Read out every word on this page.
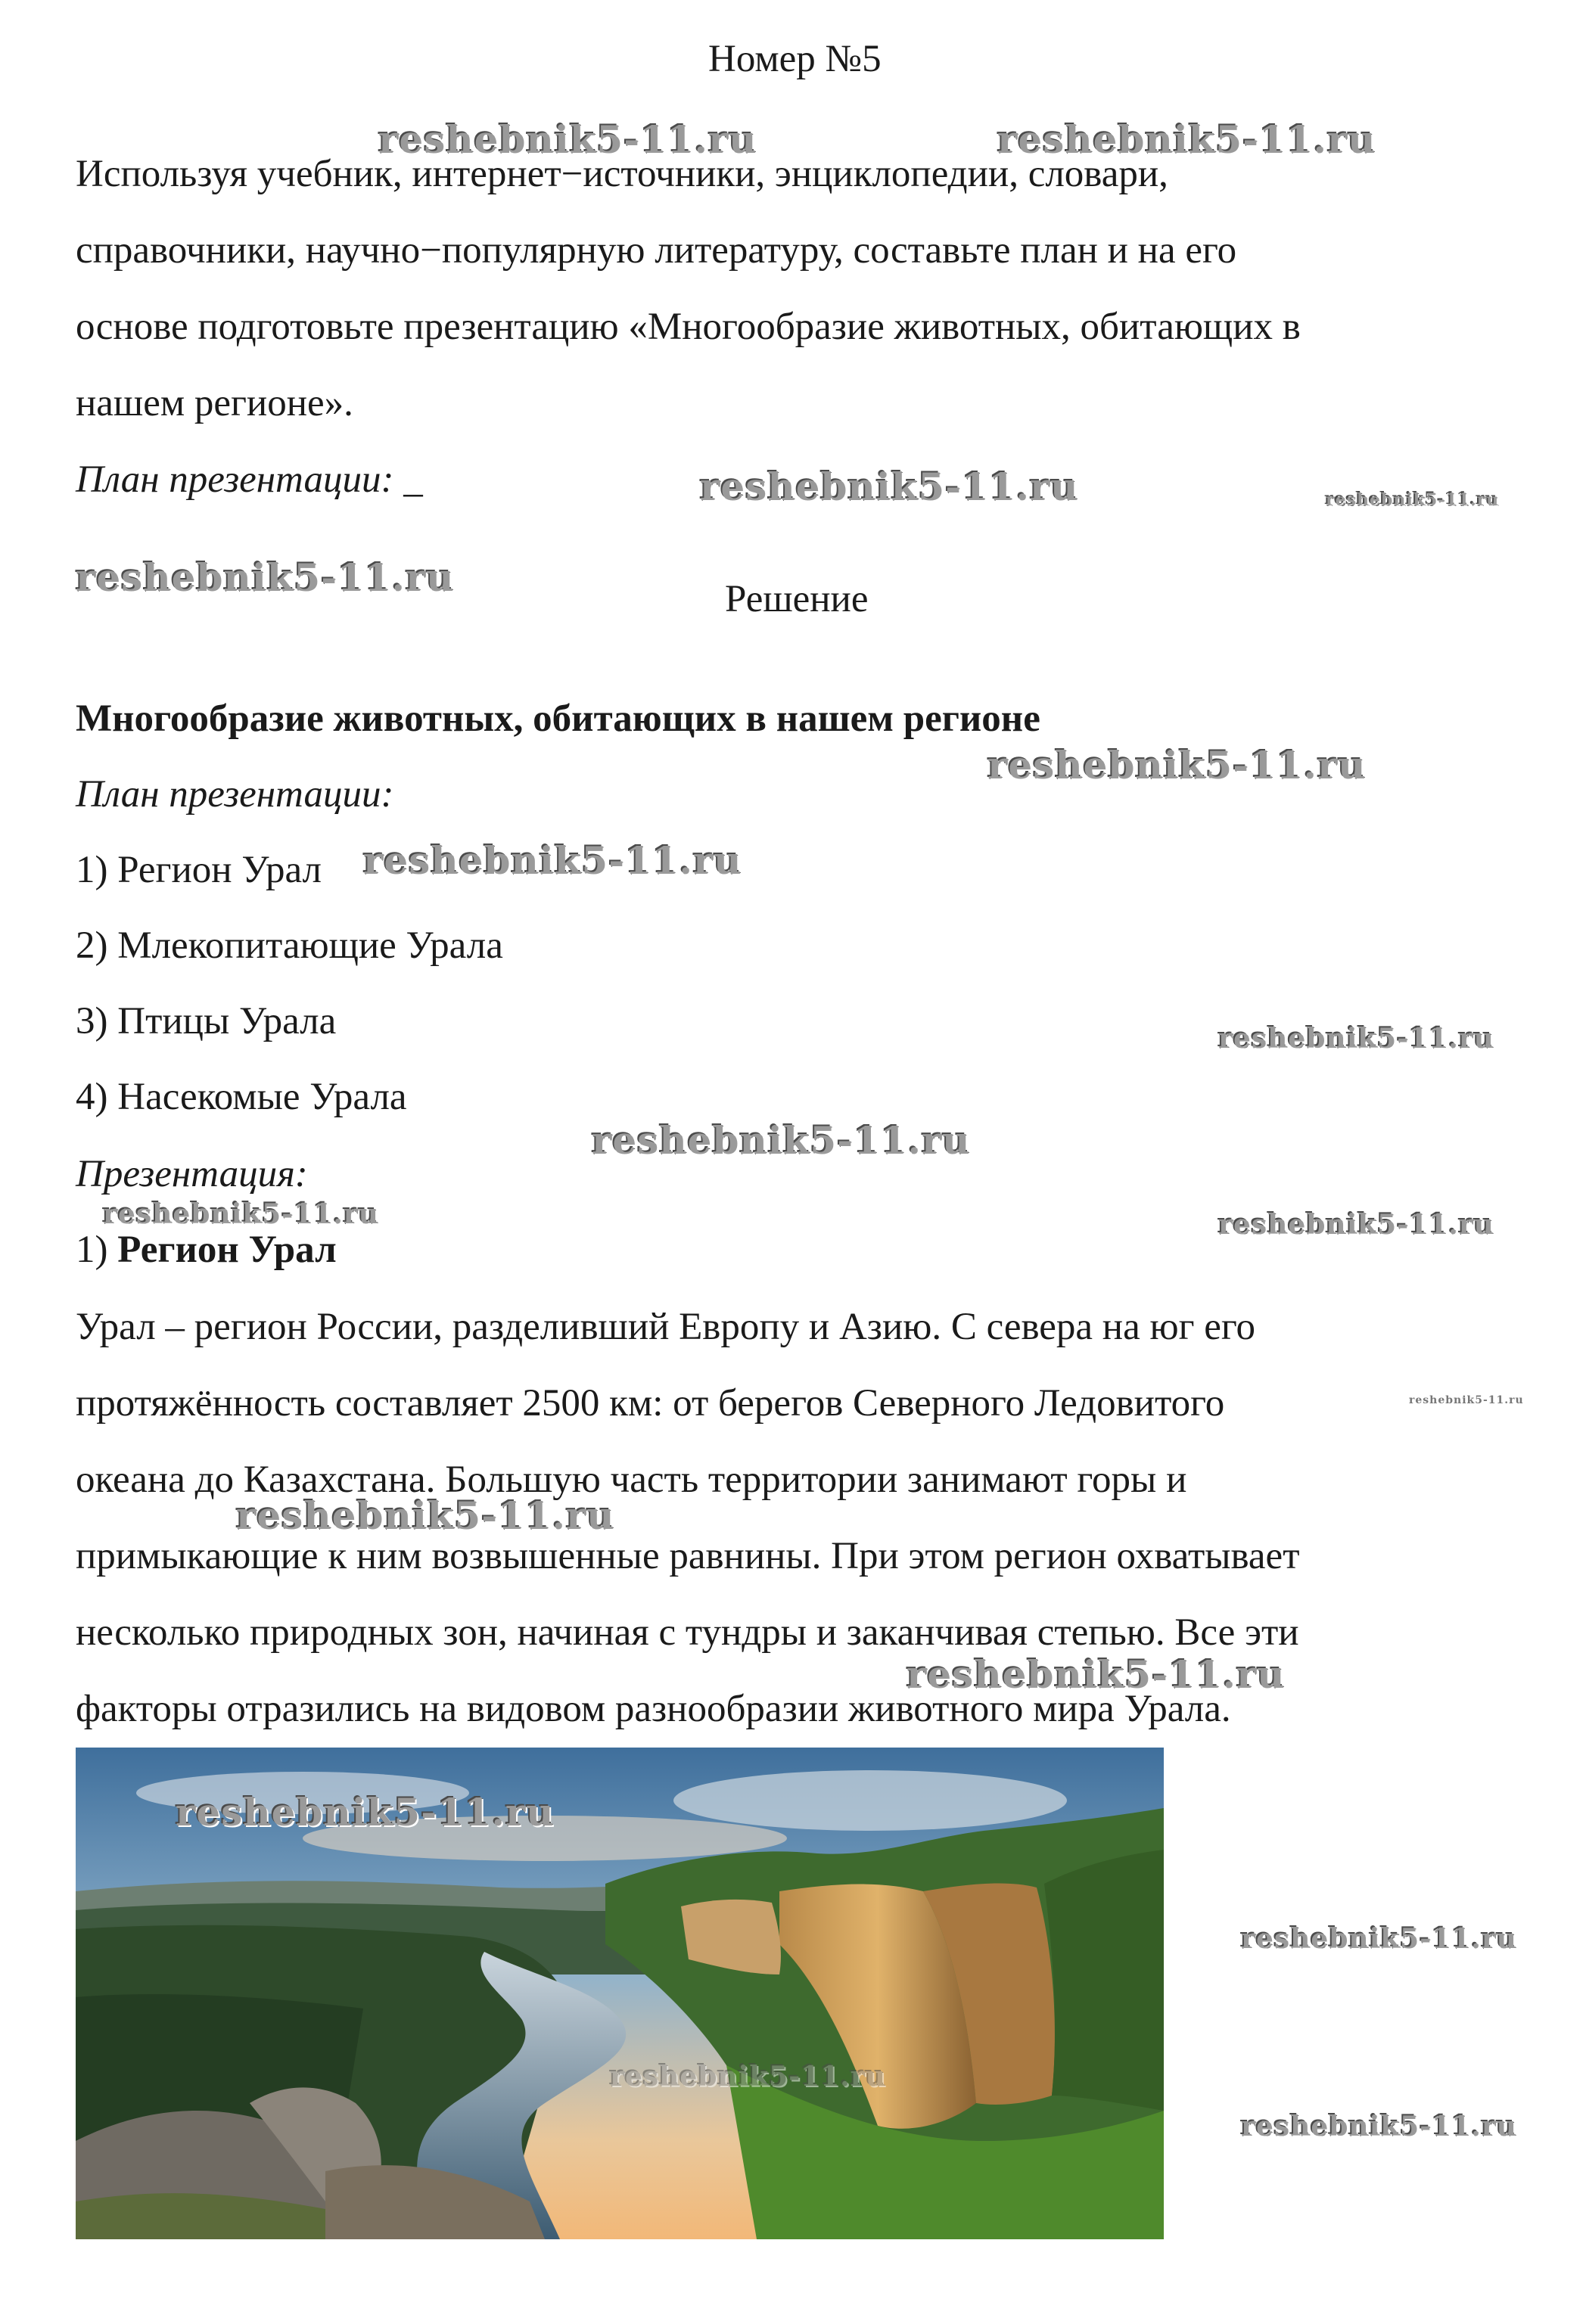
Номер №5
Используя учебник, интернет−источники, энциклопедии, словари,
справочники, научно−популярную литературу, составьте план и на его
основе подготовьте презентацию «Многообразие животных, обитающих в
нашем регионе».
План презентации: _
Решение
Многообразие животных, обитающих в нашем регионе
План презентации:
1) Регион Урал
2) Млекопитающие Урала
3) Птицы Урала
4) Насекомые Урала
Презентация:
1) Регион Урал
Урал – регион России, разделивший Европу и Азию. С севера на юг его
протяжённость составляет 2500 км: от берегов Северного Ледовитого
океана до Казахстана. Большую часть территории занимают горы и
примыкающие к ним возвышенные равнины. При этом регион охватывает
несколько природных зон, начиная с тундры и заканчивая степью. Все эти
факторы отразились на видовом разнообразии животного мира Урала.
reshebnik5-11.ru	reshebnik5-11.ru
reshebnik5-11.ru	reshebnik5-11.ru
reshebnik5-11.ru
reshebnik5-11.ru
reshebnik5-11.ru
reshebnik5-11.ru
reshebnik5-11.ru
reshebnik5-11.ru	reshebnik5-11.ru
reshebnik5-11.ru
reshebnik5-11.ru
reshebnik5-11.ru
reshebnik5-11.ru
reshebnik5-11.ru
reshebnik5-11.ru
reshebnik5-11.ru
